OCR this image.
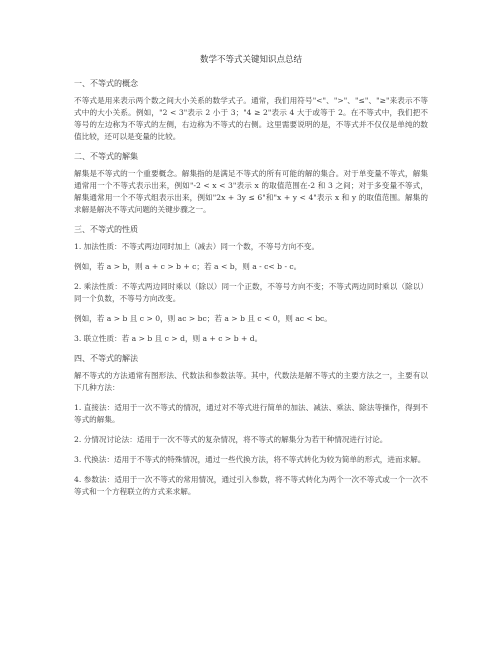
数学不等式关键知识点总结
一、不等式的概念

不等式是用来表示两个数之间大小关系的数学式子。通常，我们用符号"<"、">"、"≤"、"≥"来表示不等式中的大小关系。例如，"2 < 3"表示 2 小于 3；"4 ≥ 2"表示 4 大于或等于 2。在不等式中，我们把不等号的左边称为不等式的左侧，右边称为不等式的右侧。这里需要说明的是，不等式并不仅仅是单纯的数值比较，还可以是变量的比较。

二、不等式的解集

解集是不等式的一个重要概念。解集指的是满足不等式的所有可能的解的集合。对于单变量不等式，解集通常用一个不等式表示出来，例如"-2 < x < 3"表示 x 的取值范围在-2 和 3 之间；对于多变量不等式，解集通常用一个不等式组表示出来，例如"2x + 3y ≤ 6"和"x + y < 4"表示 x 和 y 的取值范围。解集的求解是解决不等式问题的关键步骤之一。

三、不等式的性质

1. 加法性质：不等式两边同时加上（减去）同一个数，不等号方向不变。

例如，若 a > b，则 a + c > b + c；若 a < b，则 a - c< b - c。

2. 乘法性质：不等式两边同时乘以（除以）同一个正数，不等号方向不变；不等式两边同时乘以（除以）同一个负数，不等号方向改变。

例如，若 a > b 且 c > 0，则 ac > bc；若 a > b 且 c < 0，则 ac < bc。

3. 联立性质：若 a > b 且 c > d，则 a + c > b + d。

四、不等式的解法

解不等式的方法通常有图形法、代数法和参数法等。其中，代数法是解不等式的主要方法之一，主要有以下几种方法：

1. 直接法：适用于一次不等式的情况，通过对不等式进行简单的加法、减法、乘法、除法等操作，得到不等式的解集。

2. 分情况讨论法：适用于一次不等式的复杂情况，将不等式的解集分为若干种情况进行讨论。

3. 代换法：适用于不等式的特殊情况，通过一些代换方法，将不等式转化为较为简单的形式，进而求解。

4. 参数法：适用于一次不等式的常用情况，通过引入参数，将不等式转化为两个一次不等式或一个一次不等式和一个方程联立的方式来求解。
